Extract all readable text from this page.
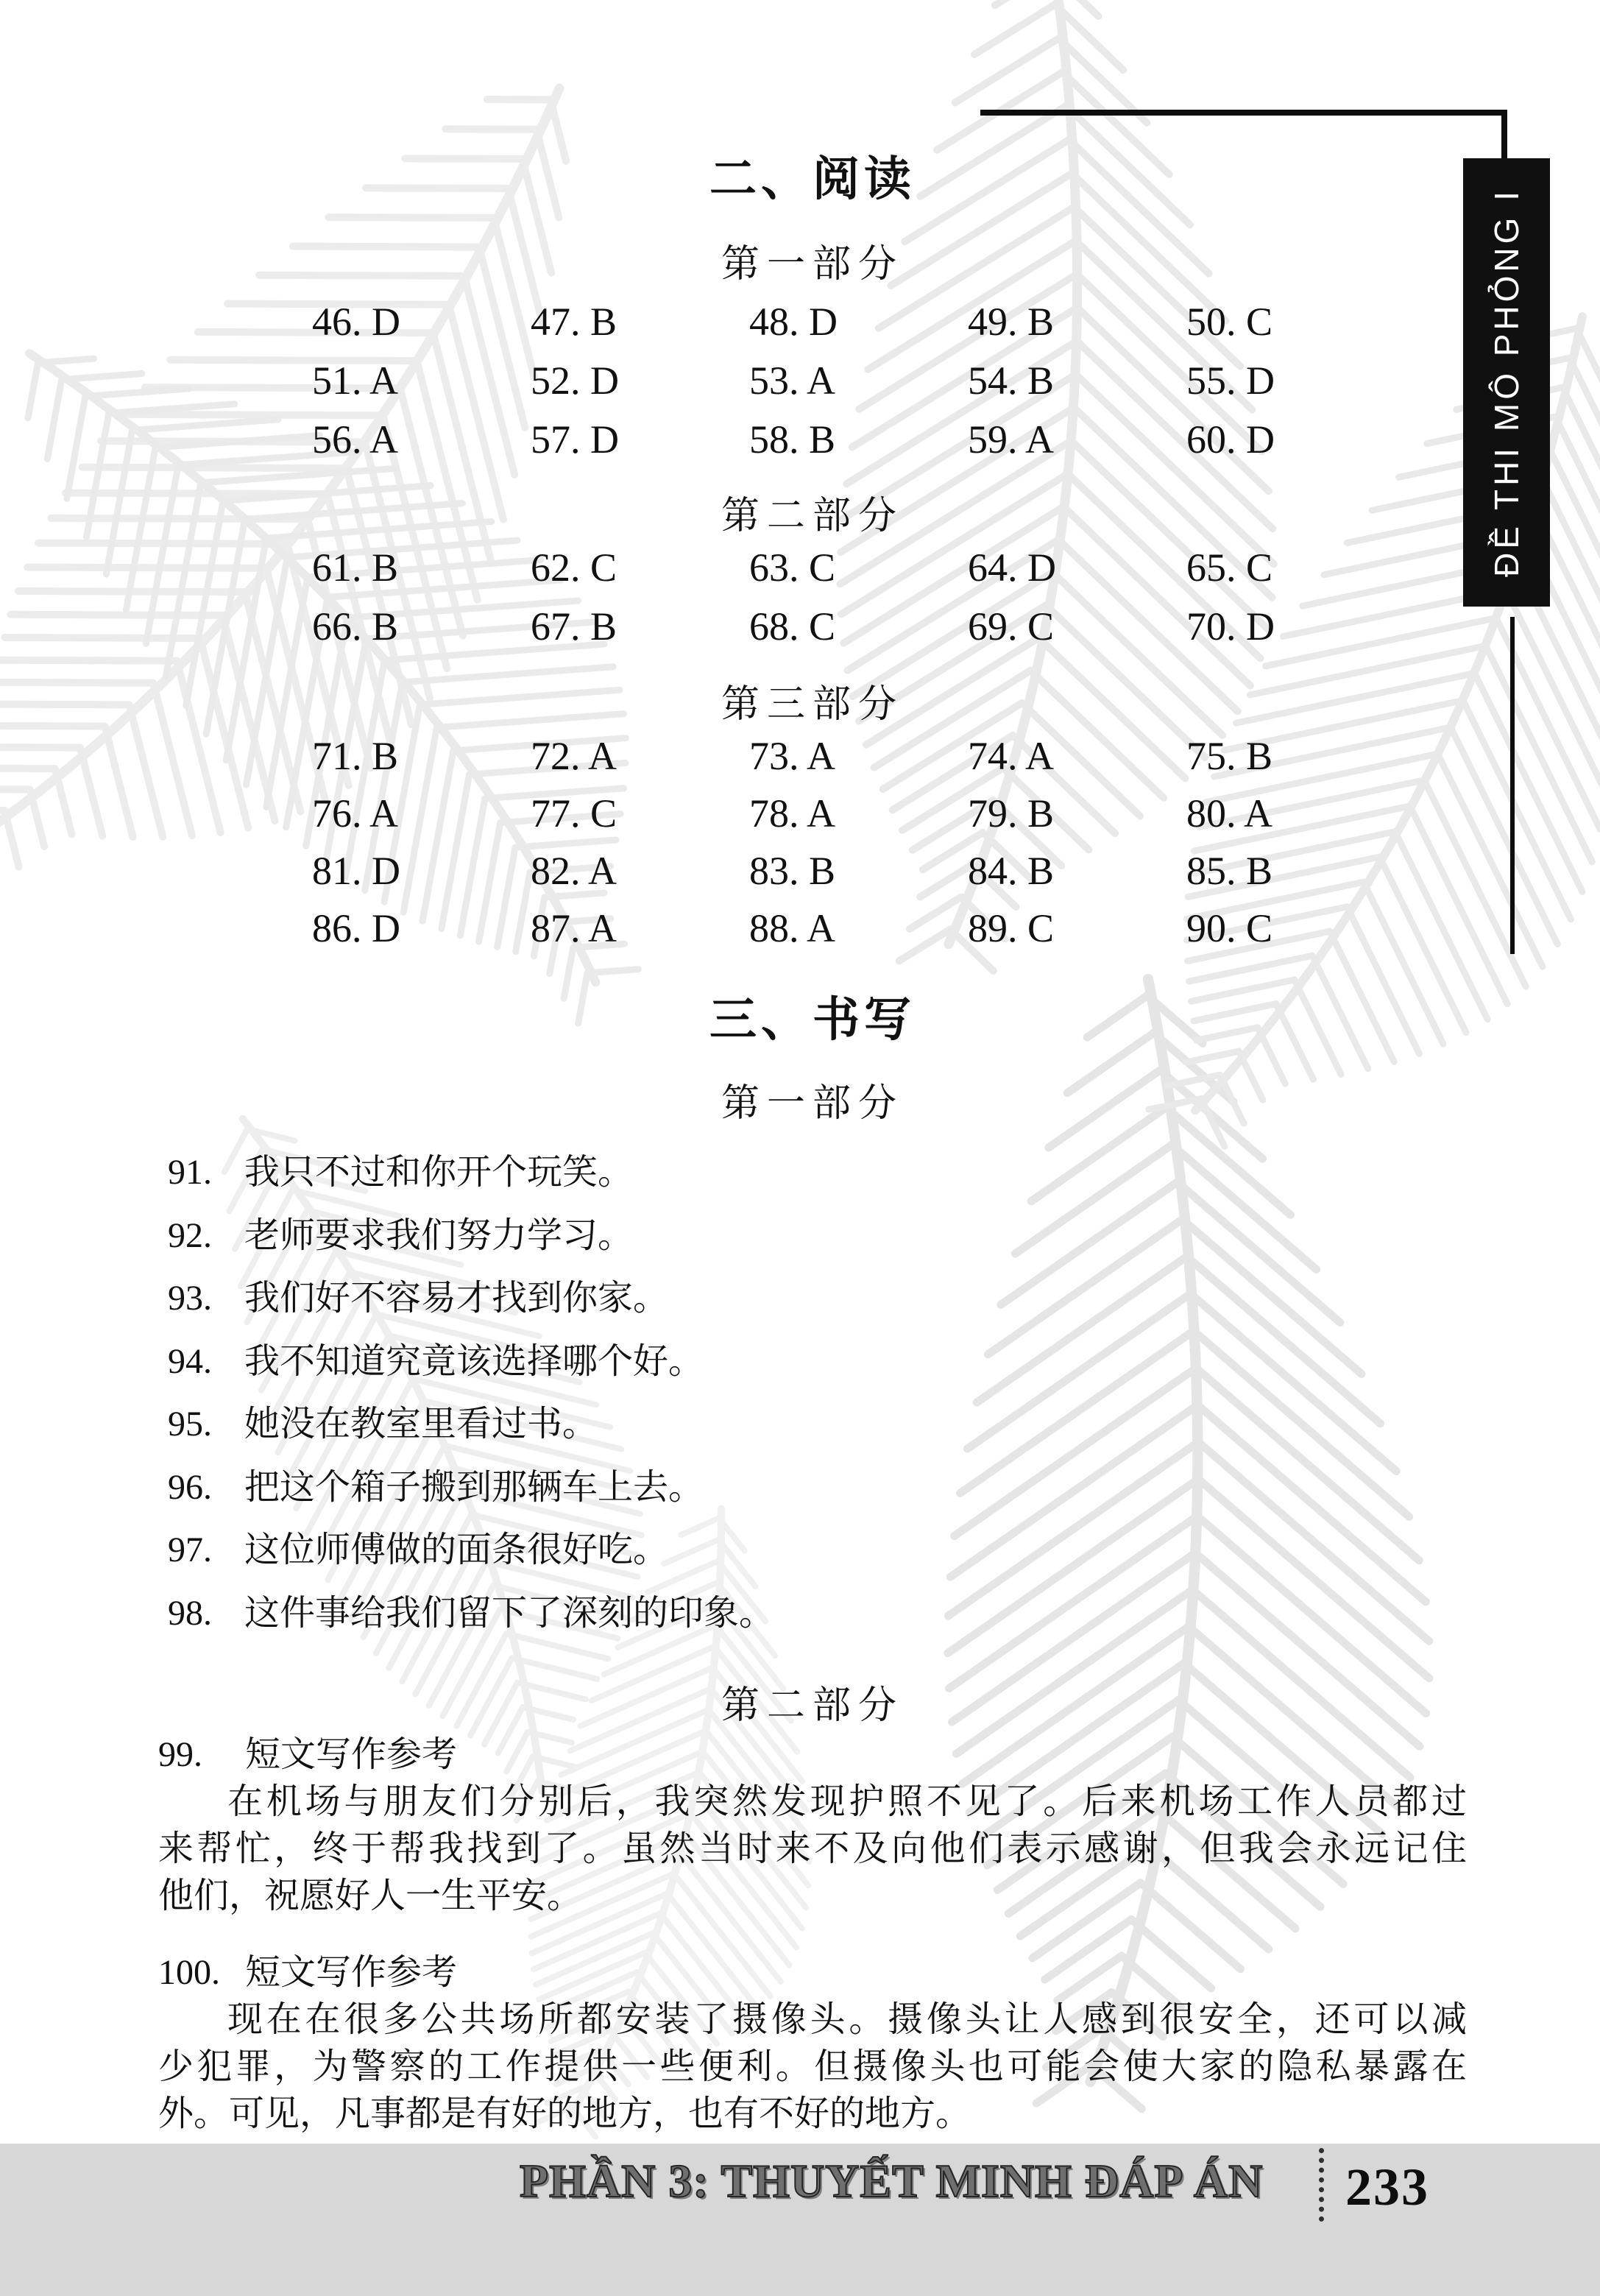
ĐỀ THI MÔ PHỎNG I
二、阅读
第一部分
46. D	47. B	48. D	49. B	50. C
51. A	52. D	53. A	54. B	55. D
56. A	57. D	58. B	59. A	60. D
第二部分
61. B	62. C	63. C	64. D	65. C
66. B	67. B	68. C	69. C	70. D
第三部分
71. B	72. A	73. A	74. A	75. B
76. A	77. C	78. A	79. B	80. A
81. D	82. A	83. B	84. B	85. B
86. D	87. A	88. A	89. C	90. C
三、书写
第一部分
91. 我只不过和你开个玩笑。
92. 老师要求我们努力学习。
93. 我们好不容易才找到你家。
94. 我不知道究竟该选择哪个好。
95. 她没在教室里看过书。
96. 把这个箱子搬到那辆车上去。
97. 这位师傅做的面条很好吃。
98. 这件事给我们留下了深刻的印象。
第二部分
99.	短文写作参考
在机场与朋友们分别后，我突然发现护照不见了。后来机场工作人员都过
来帮忙，终于帮我找到了。虽然当时来不及向他们表示感谢，但我会永远记住
他们，祝愿好人一生平安。
100. 短文写作参考
现在在很多公共场所都安装了摄像头。摄像头让人感到很安全，还可以减
少犯罪，为警察的工作提供一些便利。但摄像头也可能会使大家的隐私暴露在
外。可见，凡事都是有好的地方，也有不好的地方。
PHẦN 3: THUYẾT MINH ĐÁP ÁN 233
